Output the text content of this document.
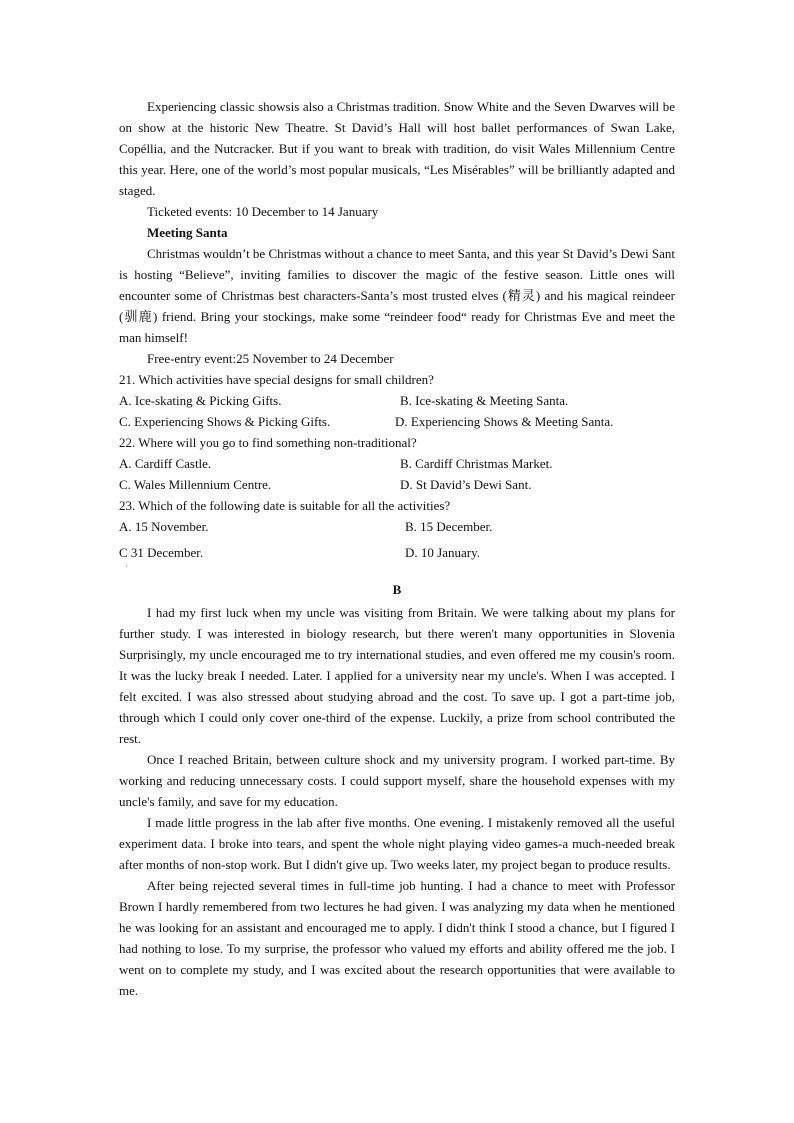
Experiencing classic showsis also a Christmas tradition. Snow White and the Seven Dwarves will be on show at the historic New Theatre. St David’s Hall will host ballet performances of Swan Lake, Copéllia, and the Nutcracker. But if you want to break with tradition, do visit Wales Millennium Centre this year. Here, one of the world’s most popular musicals, “Les Misérables” will be brilliantly adapted and staged.

Ticketed events: 10 December to 14 January

Meeting Santa

Christmas wouldn’t be Christmas without a chance to meet Santa, and this year St David’s Dewi Sant is hosting “Believe”, inviting families to discover the magic of the festive season. Little ones will encounter some of Christmas best characters-Santa’s most trusted elves (精灵) and his magical reindeer (驯鹿) friend. Bring your stockings, make some “reindeer food“ ready for Christmas Eve and meet the man himself!

Free-entry event:25 November to 24 December

21. Which activities have special designs for small children?

A. Ice-skating & Picking Gifts.	B. Ice-skating & Meeting Santa.
C. Experiencing Shows & Picking Gifts.	D. Experiencing Shows & Meeting Santa.

22. Where will you go to find something non-traditional?

A. Cardiff Castle.	B. Cardiff Christmas Market.
C. Wales Millennium Centre.	D. St David’s Dewi Sant.

23. Which of the following date is suitable for all the activities?

A. 15 November.	B. 15 December.
C 31 December.	D. 10 January.
·
B

I had my first luck when my uncle was visiting from Britain. We were talking about my plans for further study. I was interested in biology research, but there weren't many opportunities in Slovenia Surprisingly, my uncle encouraged me to try international studies, and even offered me my cousin's room. It was the lucky break I needed. Later. I applied for a university near my uncle's. When I was accepted. I felt excited. I was also stressed about studying abroad and the cost. To save up. I got a part-time job, through which I could only cover one-third of the expense. Luckily, a prize from school contributed the rest.

Once I reached Britain, between culture shock and my university program. I worked part-time. By working and reducing unnecessary costs. I could support myself, share the household expenses with my uncle's family, and save for my education.

I made little progress in the lab after five months. One evening. I mistakenly removed all the useful experiment data. I broke into tears, and spent the whole night playing video games-a much-needed break after months of non-stop work. But I didn't give up. Two weeks later, my project began to produce results.

After being rejected several times in full-time job hunting. I had a chance to meet with Professor Brown I hardly remembered from two lectures he had given. I was analyzing my data when he mentioned he was looking for an assistant and encouraged me to apply. I didn't think I stood a chance, but I figured I had nothing to lose. To my surprise, the professor who valued my efforts and ability offered me the job. I went on to complete my study, and I was excited about the research opportunities that were available to me.
